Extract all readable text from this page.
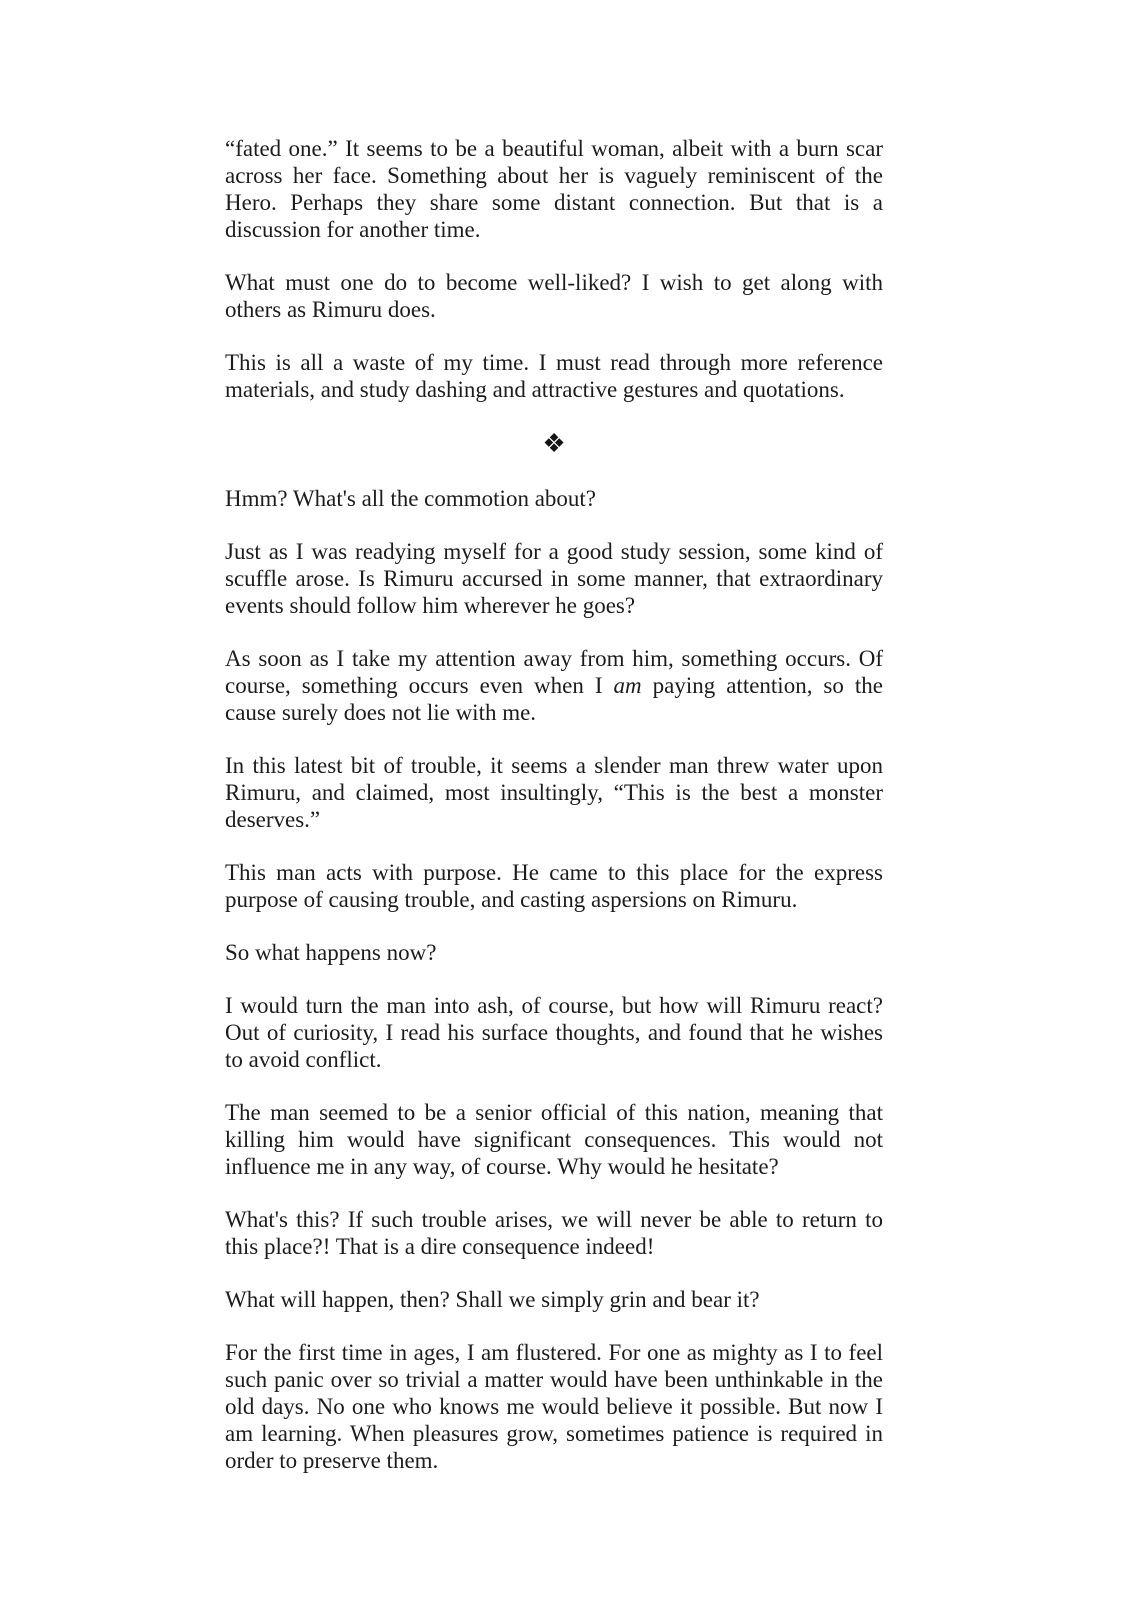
“fated one.” It seems to be a beautiful woman, albeit with a burn scar across her face. Something about her is vaguely reminiscent of the Hero. Perhaps they share some distant connection. But that is a discussion for another time.

What must one do to become well-liked? I wish to get along with others as Rimuru does.

This is all a waste of my time. I must read through more reference materials, and study dashing and attractive gestures and quotations.

❖

Hmm? What's all the commotion about?

Just as I was readying myself for a good study session, some kind of scuffle arose. Is Rimuru accursed in some manner, that extraordinary events should follow him wherever he goes?

As soon as I take my attention away from him, something occurs. Of course, something occurs even when I am paying attention, so the cause surely does not lie with me.

In this latest bit of trouble, it seems a slender man threw water upon Rimuru, and claimed, most insultingly, “This is the best a monster deserves.”

This man acts with purpose. He came to this place for the express purpose of causing trouble, and casting aspersions on Rimuru.

So what happens now?

I would turn the man into ash, of course, but how will Rimuru react? Out of curiosity, I read his surface thoughts, and found that he wishes to avoid conflict.

The man seemed to be a senior official of this nation, meaning that killing him would have significant consequences. This would not influence me in any way, of course. Why would he hesitate?

What's this? If such trouble arises, we will never be able to return to this place?! That is a dire consequence indeed!

What will happen, then? Shall we simply grin and bear it?

For the first time in ages, I am flustered. For one as mighty as I to feel such panic over so trivial a matter would have been unthinkable in the old days. No one who knows me would believe it possible. But now I am learning. When pleasures grow, sometimes patience is required in order to preserve them.
